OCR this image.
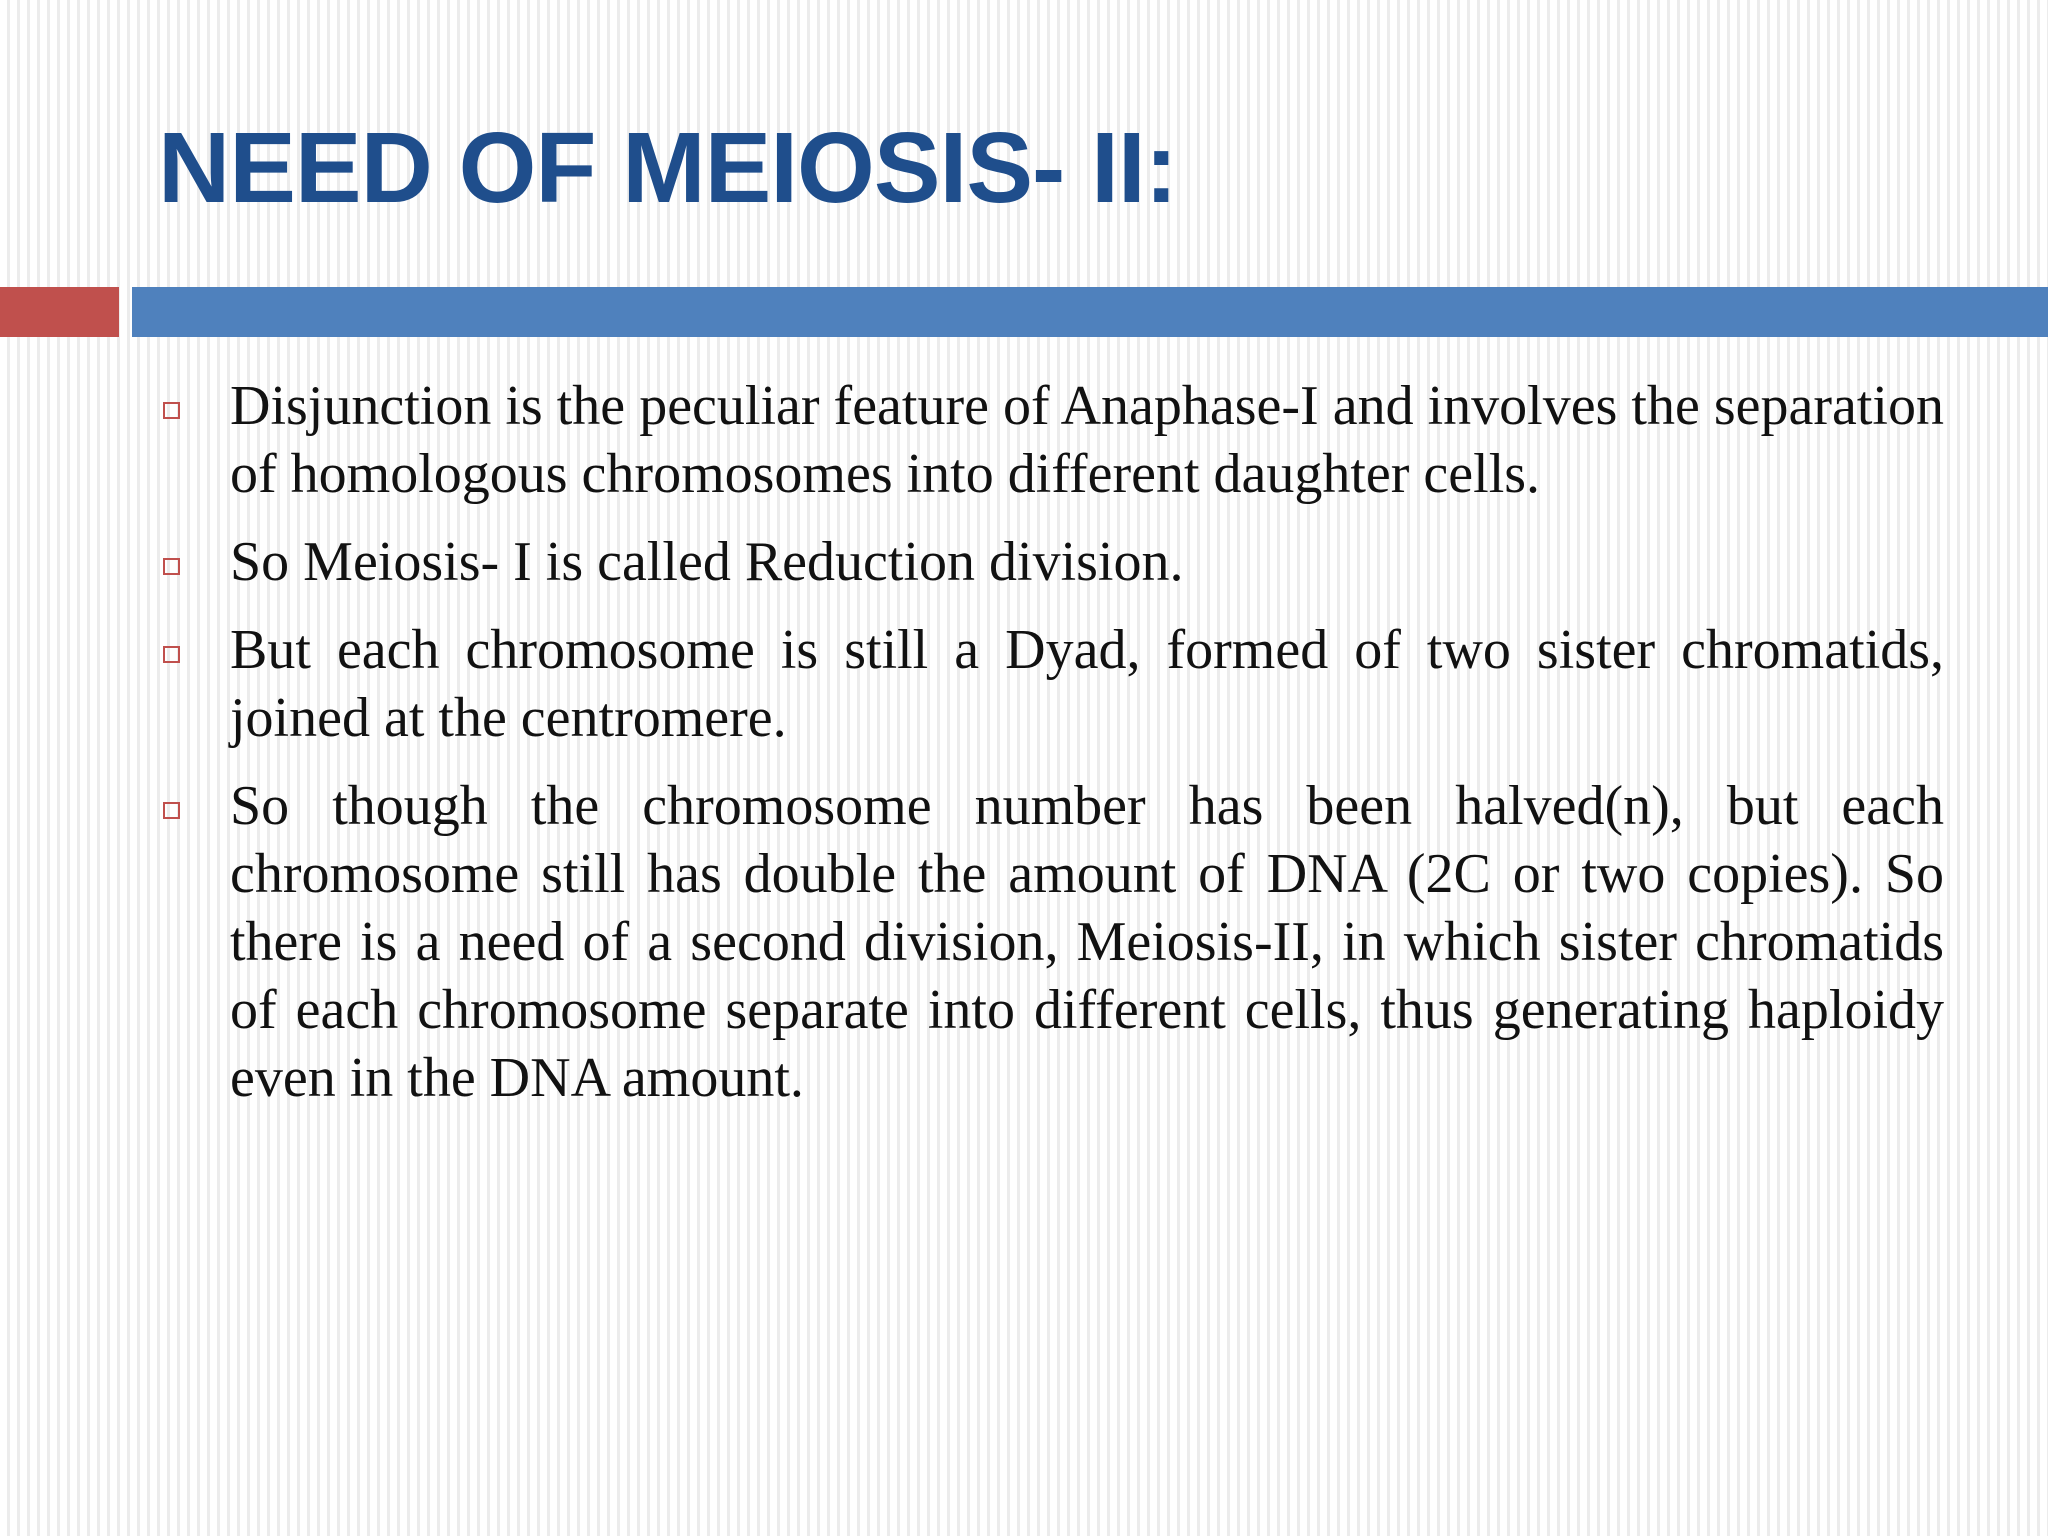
NEED OF MEIOSIS- II:
Disjunction is the peculiar feature of Anaphase-I and involves the separation of homologous chromosomes into different daughter cells.
So Meiosis- I is called Reduction division.
But each chromosome is still a Dyad, formed of two sister chromatids, joined at the centromere.
So though the chromosome number has been halved(n), but each chromosome still has double the amount of DNA (2C or two copies). So there is a need of a second division, Meiosis-II, in which sister chromatids of each chromosome separate into different cells, thus generating haploidy even in the DNA amount.
